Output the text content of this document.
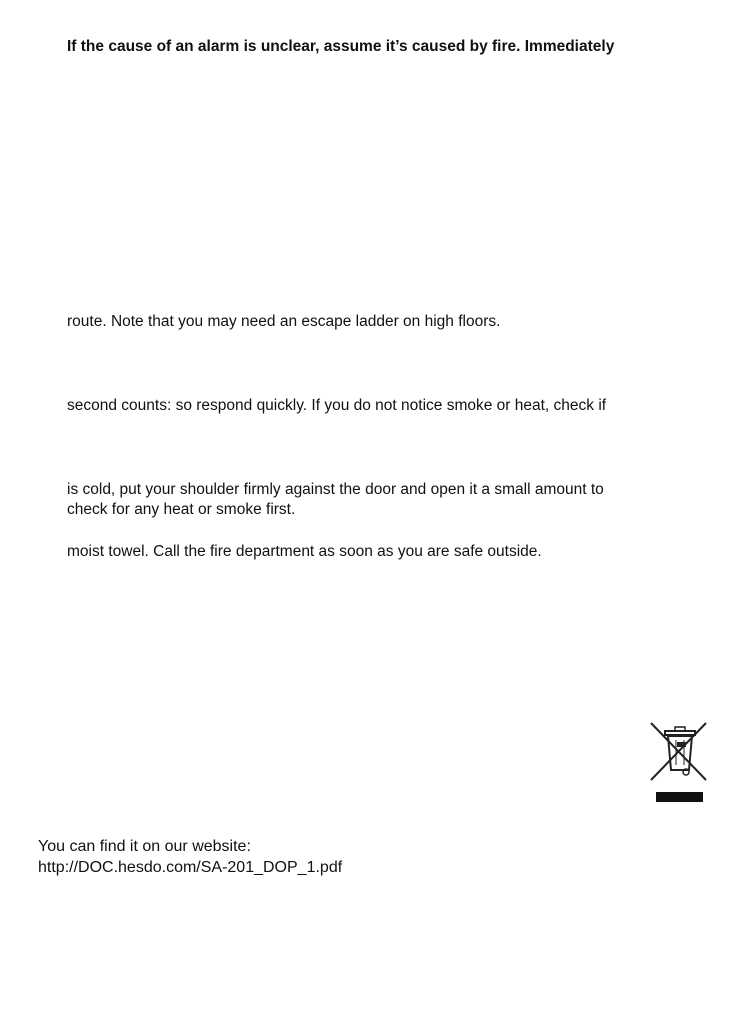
If the cause of an alarm is unclear, assume it’s caused by fire. Immediately

route. Note that you may need an escape ladder on high floors.

second counts: so respond quickly. If you do not notice smoke or heat, check if

is cold, put your shoulder firmly against the door and open it a small amount to

check for any heat or smoke first.

moist towel. Call the fire department as soon as you are safe outside.

You can find it on our website:

http://DOC.hesdo.com/SA-201_DOP_1.pdf
